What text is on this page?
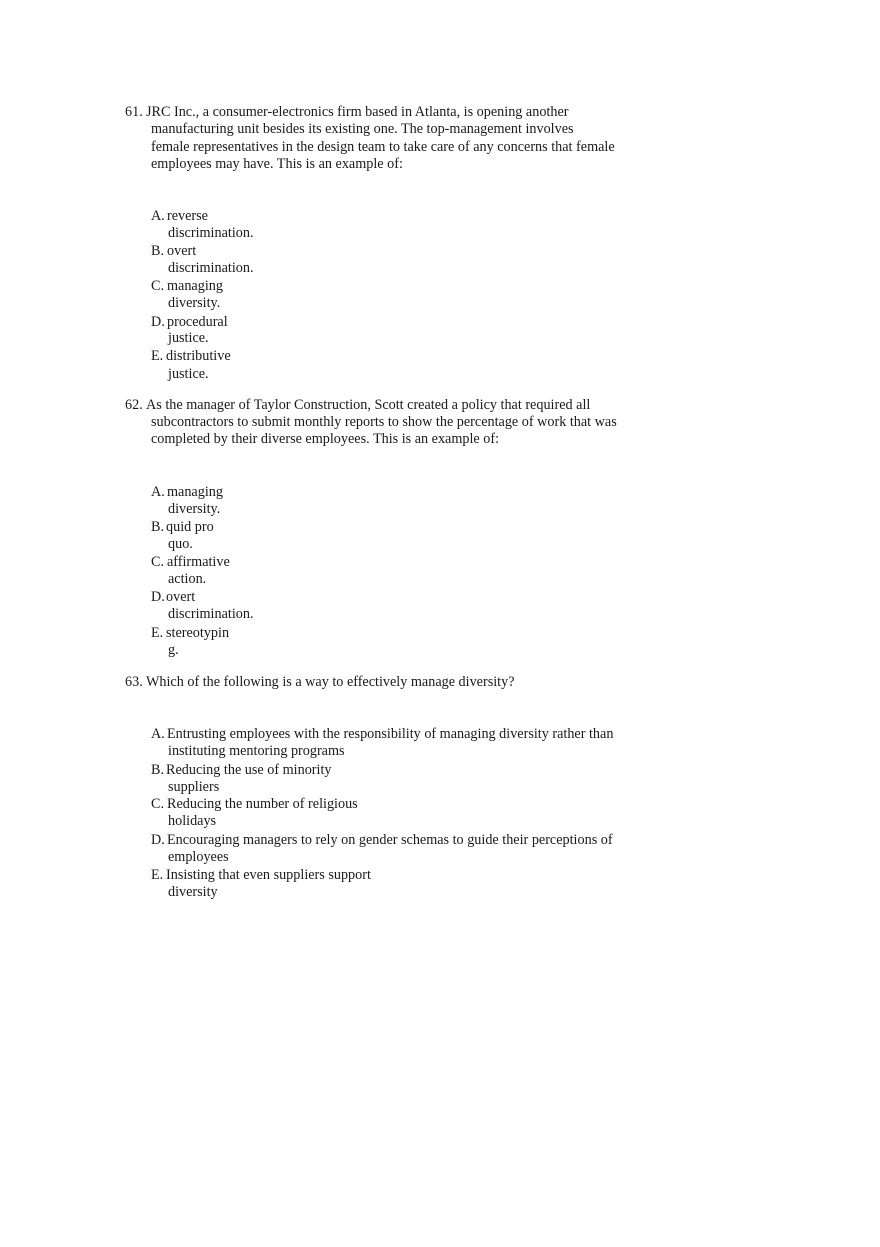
61. JRC Inc., a consumer-electronics firm based in Atlanta, is opening another
manufacturing unit besides its existing one. The top-management involves
female representatives in the design team to take care of any concerns that female
employees may have. This is an example of:
A. reverse
discrimination.
B. overt
discrimination.
C. managing
diversity.
D. procedural
justice.
E. distributive
justice.
62. As the manager of Taylor Construction, Scott created a policy that required all
subcontractors to submit monthly reports to show the percentage of work that was
completed by their diverse employees. This is an example of:
A. managing
diversity.
B. quid pro
quo.
C. affirmative
action.
D. overt
discrimination.
E. stereotypin
g.
63. Which of the following is a way to effectively manage diversity?
A. Entrusting employees with the responsibility of managing diversity rather than
instituting mentoring programs
B. Reducing the use of minority
suppliers
C. Reducing the number of religious
holidays
D. Encouraging managers to rely on gender schemas to guide their perceptions of
employees
E. Insisting that even suppliers support
diversity
